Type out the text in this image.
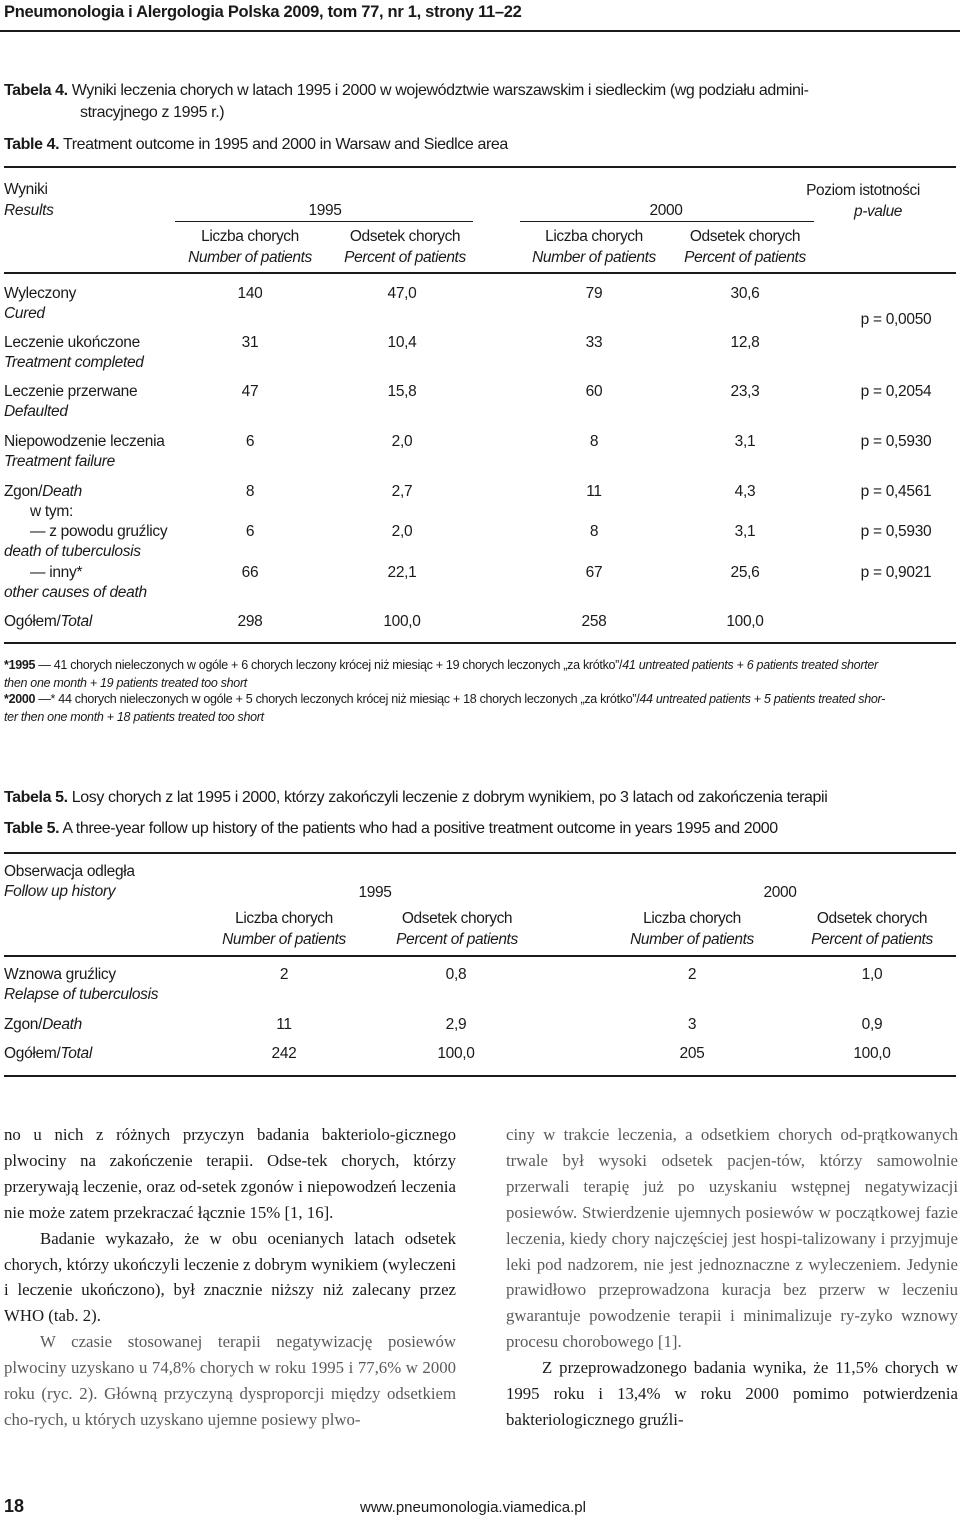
Pneumonologia i Alergologia Polska 2009, tom 77, nr 1, strony 11–22
Tabela 4. Wyniki leczenia chorych w latach 1995 i 2000 w województwie warszawskim i siedleckim (wg podziału admini-
stracyjnego z 1995 r.)
Table 4. Treatment outcome in 1995 and 2000 in Warsaw and Siedlce area
Wyniki
Results
Poziom istotności
p-value
1995	2000
Liczba chorych
Number of patients
Odsetek chorych
Percent of patients
Liczba chorych
Number of patients
Odsetek chorych
Percent of patients
Wyleczony
Cured
140	47,0	79	30,6
p = 0,0050
Leczenie ukończone
Treatment completed
31	10,4	33	12,8
Leczenie przerwane
Defaulted
47	15,8	60	23,3	p = 0,2054
Niepowodzenie leczenia
Treatment failure
6	2,0	8	3,1	p = 0,5930
Zgon/Death	8	2,7	11	4,3	p = 0,4561
w tym:
— z powodu gruźlicy
death of tuberculosis
6	2,0	8	3,1	p = 0,5930
— inny*
other causes of death
66	22,1	67	25,6	p = 0,9021
Ogółem/Total	298	100,0	258	100,0
*1995 — 41 chorych nieleczonych w ogóle + 6 chorych leczony krócej niż miesiąc + 19 chorych leczonych „za krótko”/41 untreated patients + 6 patients treated shorter
then one month + 19 patients treated too short
*2000 —* 44 chorych nieleczonych w ogóle + 5 chorych leczonych krócej niż miesiąc + 18 chorych leczonych „za krótko”/44 untreated patients + 5 patients treated shor-
ter then one month + 18 patients treated too short
Tabela 5. Losy chorych z lat 1995 i 2000, którzy zakończyli leczenie z dobrym wynikiem, po 3 latach od zakończenia terapii
Table 5. A three-year follow up history of the patients who had a positive treatment outcome in years 1995 and 2000
Obserwacja odległa
Follow up history	1995	2000
Liczba chorych
Number of patients
Odsetek chorych
Percent of patients
Liczba chorych
Number of patients
Odsetek chorych
Percent of patients
Wznowa gruźlicy
Relapse of tuberculosis
2	0,8	2	1,0
Zgon/Death	11	2,9	3	0,9
Ogółem/Total	242	100,0	205	100,0

no u nich z różnych przyczyn badania bakteriolo-gicznego plwociny na zakończenie terapii. Odse-tek chorych, którzy przerywają leczenie, oraz od-setek zgonów i niepowodzeń leczenia nie może zatem przekraczać łącznie 15% [1, 16].

Badanie wykazało, że w obu ocenianych latach odsetek chorych, którzy ukończyli leczenie z dobrym wynikiem (wyleczeni i leczenie ukończono), był znacznie niższy niż zalecany przez WHO (tab. 2).

W czasie stosowanej terapii negatywizację posiewów plwociny uzyskano u 74,8% chorych w roku 1995 i 77,6% w 2000 roku (ryc. 2). Główną przyczyną dysproporcji między odsetkiem cho-rych, u których uzyskano ujemne posiewy plwo-

ciny w trakcie leczenia, a odsetkiem chorych od-prątkowanych trwale był wysoki odsetek pacjen-tów, którzy samowolnie przerwali terapię już po uzyskaniu wstępnej negatywizacji posiewów. Stwierdzenie ujemnych posiewów w początkowej fazie leczenia, kiedy chory najczęściej jest hospi-talizowany i przyjmuje leki pod nadzorem, nie jest jednoznaczne z wyleczeniem. Jedynie prawidłowo przeprowadzona kuracja bez przerw w leczeniu gwarantuje powodzenie terapii i minimalizuje ry-zyko wznowy procesu chorobowego [1].

Z przeprowadzonego badania wynika, że 11,5% chorych w 1995 roku i 13,4% w roku 2000 pomimo potwierdzenia bakteriologicznego gruźli-

18	www.pneumonologia.viamedica.pl
